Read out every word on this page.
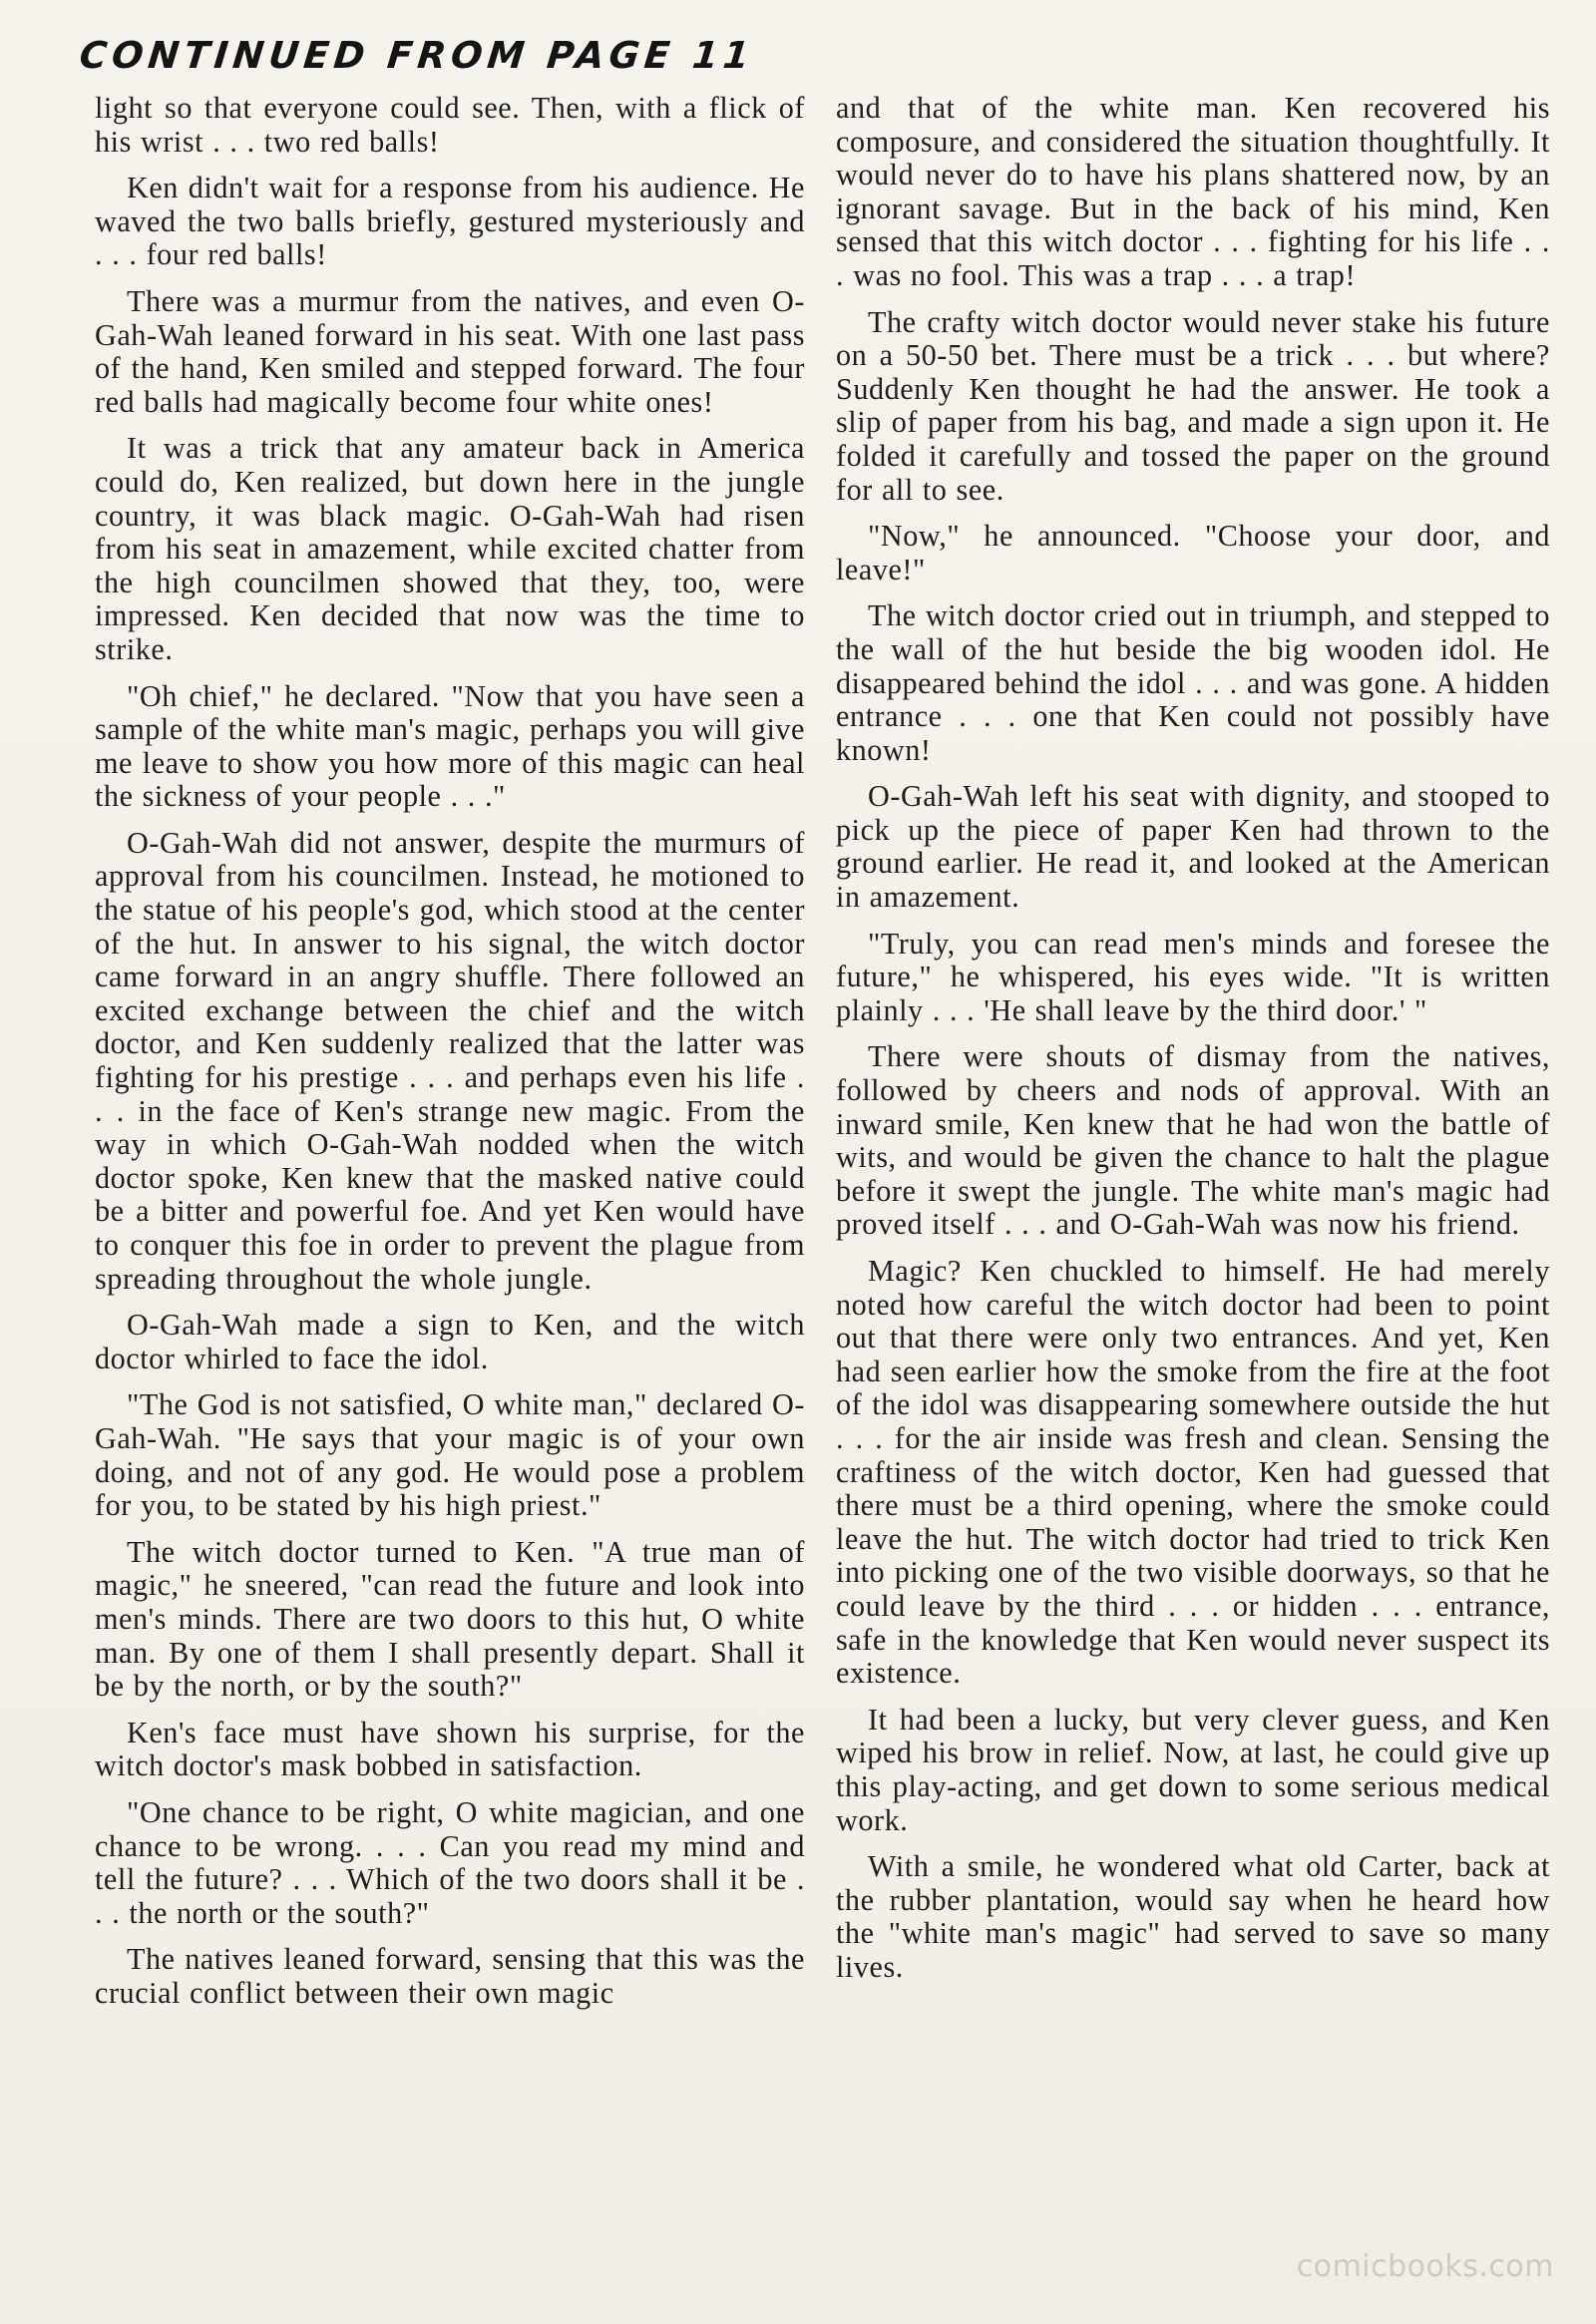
CONTINUED FROM PAGE 11

light so that everyone could see. Then, with a flick of his wrist . . . two red balls!

Ken didn't wait for a response from his audience. He waved the two balls briefly, gestured mysteriously and . . . four red balls!

There was a murmur from the natives, and even O-Gah-Wah leaned forward in his seat. With one last pass of the hand, Ken smiled and stepped forward. The four red balls had magically become four white ones!

It was a trick that any amateur back in America could do, Ken realized, but down here in the jungle country, it was black magic. O-Gah-Wah had risen from his seat in amazement, while excited chatter from the high councilmen showed that they, too, were impressed. Ken decided that now was the time to strike.

"Oh chief," he declared. "Now that you have seen a sample of the white man's magic, perhaps you will give me leave to show you how more of this magic can heal the sickness of your people . . ."

O-Gah-Wah did not answer, despite the murmurs of approval from his councilmen. Instead, he motioned to the statue of his people's god, which stood at the center of the hut. In answer to his signal, the witch doctor came forward in an angry shuffle. There followed an excited exchange between the chief and the witch doctor, and Ken suddenly realized that the latter was fighting for his prestige . . . and perhaps even his life . . . in the face of Ken's strange new magic. From the way in which O-Gah-Wah nodded when the witch doctor spoke, Ken knew that the masked native could be a bitter and powerful foe. And yet Ken would have to conquer this foe in order to prevent the plague from spreading throughout the whole jungle.

O-Gah-Wah made a sign to Ken, and the witch doctor whirled to face the idol.

"The God is not satisfied, O white man," declared O-Gah-Wah. "He says that your magic is of your own doing, and not of any god. He would pose a problem for you, to be stated by his high priest."

The witch doctor turned to Ken. "A true man of magic," he sneered, "can read the future and look into men's minds. There are two doors to this hut, O white man. By one of them I shall presently depart. Shall it be by the north, or by the south?"

Ken's face must have shown his surprise, for the witch doctor's mask bobbed in satisfaction.

"One chance to be right, O white magician, and one chance to be wrong. . . . Can you read my mind and tell the future? . . . Which of the two doors shall it be . . . the north or the south?"

The natives leaned forward, sensing that this was the crucial conflict between their own magic

and that of the white man. Ken recovered his composure, and considered the situation thoughtfully. It would never do to have his plans shattered now, by an ignorant savage. But in the back of his mind, Ken sensed that this witch doctor . . . fighting for his life . . . was no fool. This was a trap . . . a trap!

The crafty witch doctor would never stake his future on a 50-50 bet. There must be a trick . . . but where? Suddenly Ken thought he had the answer. He took a slip of paper from his bag, and made a sign upon it. He folded it carefully and tossed the paper on the ground for all to see.

"Now," he announced. "Choose your door, and leave!"

The witch doctor cried out in triumph, and stepped to the wall of the hut beside the big wooden idol. He disappeared behind the idol . . . and was gone. A hidden entrance . . . one that Ken could not possibly have known!

O-Gah-Wah left his seat with dignity, and stooped to pick up the piece of paper Ken had thrown to the ground earlier. He read it, and looked at the American in amazement.

"Truly, you can read men's minds and foresee the future," he whispered, his eyes wide. "It is written plainly . . . 'He shall leave by the third door.' "

There were shouts of dismay from the natives, followed by cheers and nods of approval. With an inward smile, Ken knew that he had won the battle of wits, and would be given the chance to halt the plague before it swept the jungle. The white man's magic had proved itself . . . and O-Gah-Wah was now his friend.

Magic? Ken chuckled to himself. He had merely noted how careful the witch doctor had been to point out that there were only two entrances. And yet, Ken had seen earlier how the smoke from the fire at the foot of the idol was disappearing somewhere outside the hut . . . for the air inside was fresh and clean. Sensing the craftiness of the witch doctor, Ken had guessed that there must be a third opening, where the smoke could leave the hut. The witch doctor had tried to trick Ken into picking one of the two visible doorways, so that he could leave by the third . . . or hidden . . . entrance, safe in the knowledge that Ken would never suspect its existence.

It had been a lucky, but very clever guess, and Ken wiped his brow in relief. Now, at last, he could give up this play-acting, and get down to some serious medical work.

With a smile, he wondered what old Carter, back at the rubber plantation, would say when he heard how the "white man's magic" had served to save so many lives.

comicbooks.com
